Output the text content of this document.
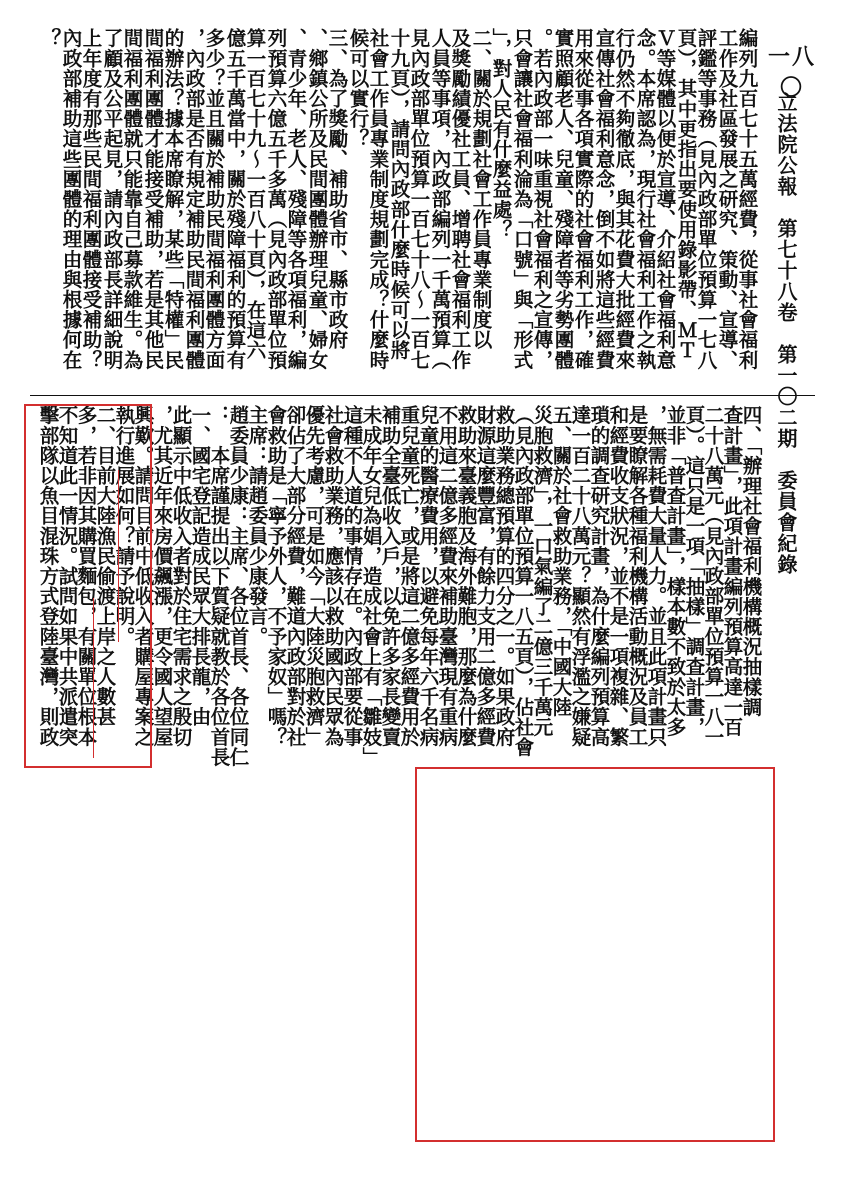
立法院公報　第七十八卷　第一〇二期　委員會紀錄
一八〇
編列九百七十五萬經費，從事社會福利
工作及社區發展之研究、策動、宣導、
評鑑等事務（見內政部單位預算一七八
頁），其中更指出要使用錄影帶、ＭＴ
Ｖ等媒體以便於宣導、介紹社會福利意
念。本席認為，現行社會福利工作之執
行仍然不夠徹底，與其花費大批經費來
宣傳社會福利意念，倒不如將這些經費
用來從事各項實際的社會福利工作，確
實照顧老人、兒童、殘障者等劣勢團體
。若內政部一味重視社會福利之宣傳，
只會讓社會福利淪為「口號」與「形式
」，對人民有什麼益處？
二、關於規劃社會工作員專業制度以
及獎勵績優社工員、增聘社會福利工作
人員等事項，內政部編列一千萬預算（
見內政部單位預算一百七十八～一百七
十九頁），請問內政部什麼時候可以將
社會工作員專業制度規劃完成？什麼時
候可以實行？
三、為了獎勵、補助省市、縣市政府
、鄉鎮公所及民間團體辦理兒童、婦女
、青少年、老人、殘障等各項福利，編
列預算六億五千多萬（見內政部單位預
算一百七十九～一百八十頁），在這六
億五千萬當中，關於殘障福利的預算有
多少？並且關於補助民間福利團體方面
，內政部是否有規定補助民間福利團體
的辦法？據本席瞭解，某些「特權」民
間福利團體才能接受補助，若是其他民
間福利團體就只能靠自己募款維生。為
了顧及公平起見，請內政部長詳細說明
上年度有那些民間福利團體接受補助？
內政部補助這些團體的理由與根據何在
？
四、「辦理社會福利機構概況抽樣調
查計畫」，此項計畫編列預算高達一百
二十八萬元（見內政部單位預算一八一
頁）。這只是一項「抽樣」調查計畫，
並非「普查計畫」，樣本數不致於太多
，無需耗費大量人力。並且此項計畫只
是要瞭解各種福利機構活動概況及員工
和經費收支狀況，並不是一項複雜、繁
瑣的調查研究計畫，為什麼編列預算高
達一百二十八萬元？顯然有浮濫之嫌疑
五、關於社會救助業務，「中國大陸
災胞救濟」，一口氣編了二億三千萬元
（見內政部單位預算一八五頁），佔社會
救助業務總預算的四分之一。如果政府
財源這麼豐富，有餘力支用二億多經費
救助來臺義胞及海外難胞，那麼為什麼
不用這二億多經費來補助臺灣現有重病
兒童的醫療費用，以避免每年六千名病
重兒童死亡，或是將這二億多經費用於
補助全臺低收入戶，以免許多家長變賣
未成年女兒為娼，造成社會上有「雛妓」
這種不人道的事情存在。內政部要從事
社會救助業務，應該以救助國內民眾為
優先考慮，可是如今「大陸災胞救濟」
卻佔了大部分經費，難道內政部對於社
會救助是「寧予外人，不予家奴」嗎？
主席：請趙委員少康發言。
趙委員少康：主席、各位首長、各位同仁
：　本席謹提出以下質疑就教於各位首長
一、國宅登記造成民眾大排長龍，由
此顯示中低收入者對於住宅需求之殷切
，尤其近年來房價飆漲，更令國人望屋
興歎。請問目前中低收入者購屋專案之
執行進展如何？請予說明。
二、目前大陸漁民偷渡上岸之人數甚
多，若非因其購買麵包，有關單位根本
不知道此一情況。試問如果中共派遣突
擊部隊以魚目混珠方式登陸臺灣，則政
